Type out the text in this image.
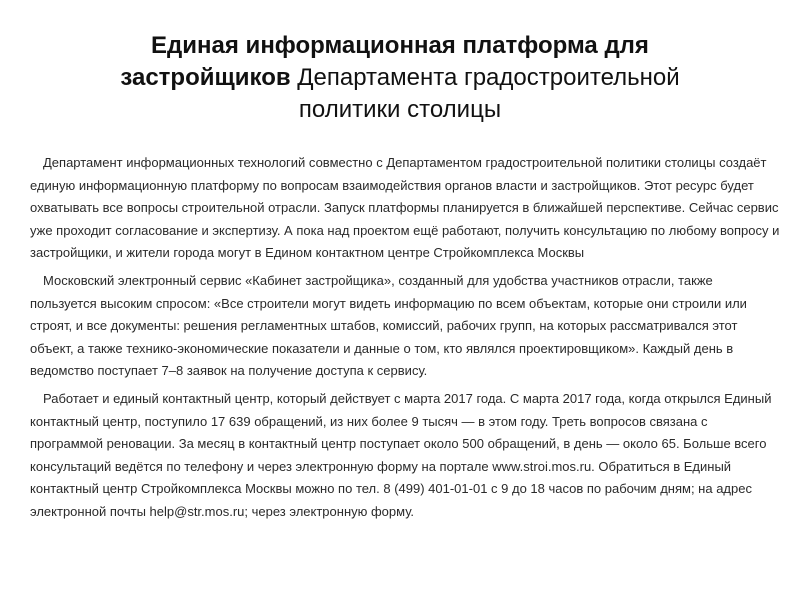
Единая информационная платформа для
застройщиков Департамента градостроительной
политики столицы

Департамент информационных технологий совместно с Департаментом градостроительной политики столицы создаёт единую информационную платформу по вопросам взаимодействия органов власти и застройщиков. Этот ресурс будет охватывать все вопросы строительной отрасли. Запуск платформы планируется в ближайшей перспективе. Сейчас сервис уже проходит согласование и экспертизу. А пока над проектом ещё работают, получить консультацию по любому вопросу и застройщики, и жители города могут в Едином контактном центре Стройкомплекса Москвы

Московский электронный сервис «Кабинет застройщика», созданный для удобства участников отрасли, также пользуется высоким спросом: «Все строители могут видеть информацию по всем объектам, которые они строили или строят, и все документы: решения регламентных штабов, комиссий, рабочих групп, на которых рассматривался этот объект, а также технико-экономические показатели и данные о том, кто являлся проектировщиком». Каждый день в ведомство поступает 7–8 заявок на получение доступа к сервису.

Работает и единый контактный центр, который действует с марта 2017 года. С марта 2017 года, когда открылся Единый контактный центр, поступило 17 639 обращений, из них более 9 тысяч — в этом году. Треть вопросов связана с программой реновации. За месяц в контактный центр поступает около 500 обращений, в день — около 65. Больше всего консультаций ведётся по телефону и через электронную форму на портале www.stroi.mos.ru. Обратиться в Единый контактный центр Стройкомплекса Москвы можно по тел. 8 (499) 401-01-01 с 9 до 18 часов по рабочим дням; на адрес электронной почты help@str.mos.ru; через электронную форму.
